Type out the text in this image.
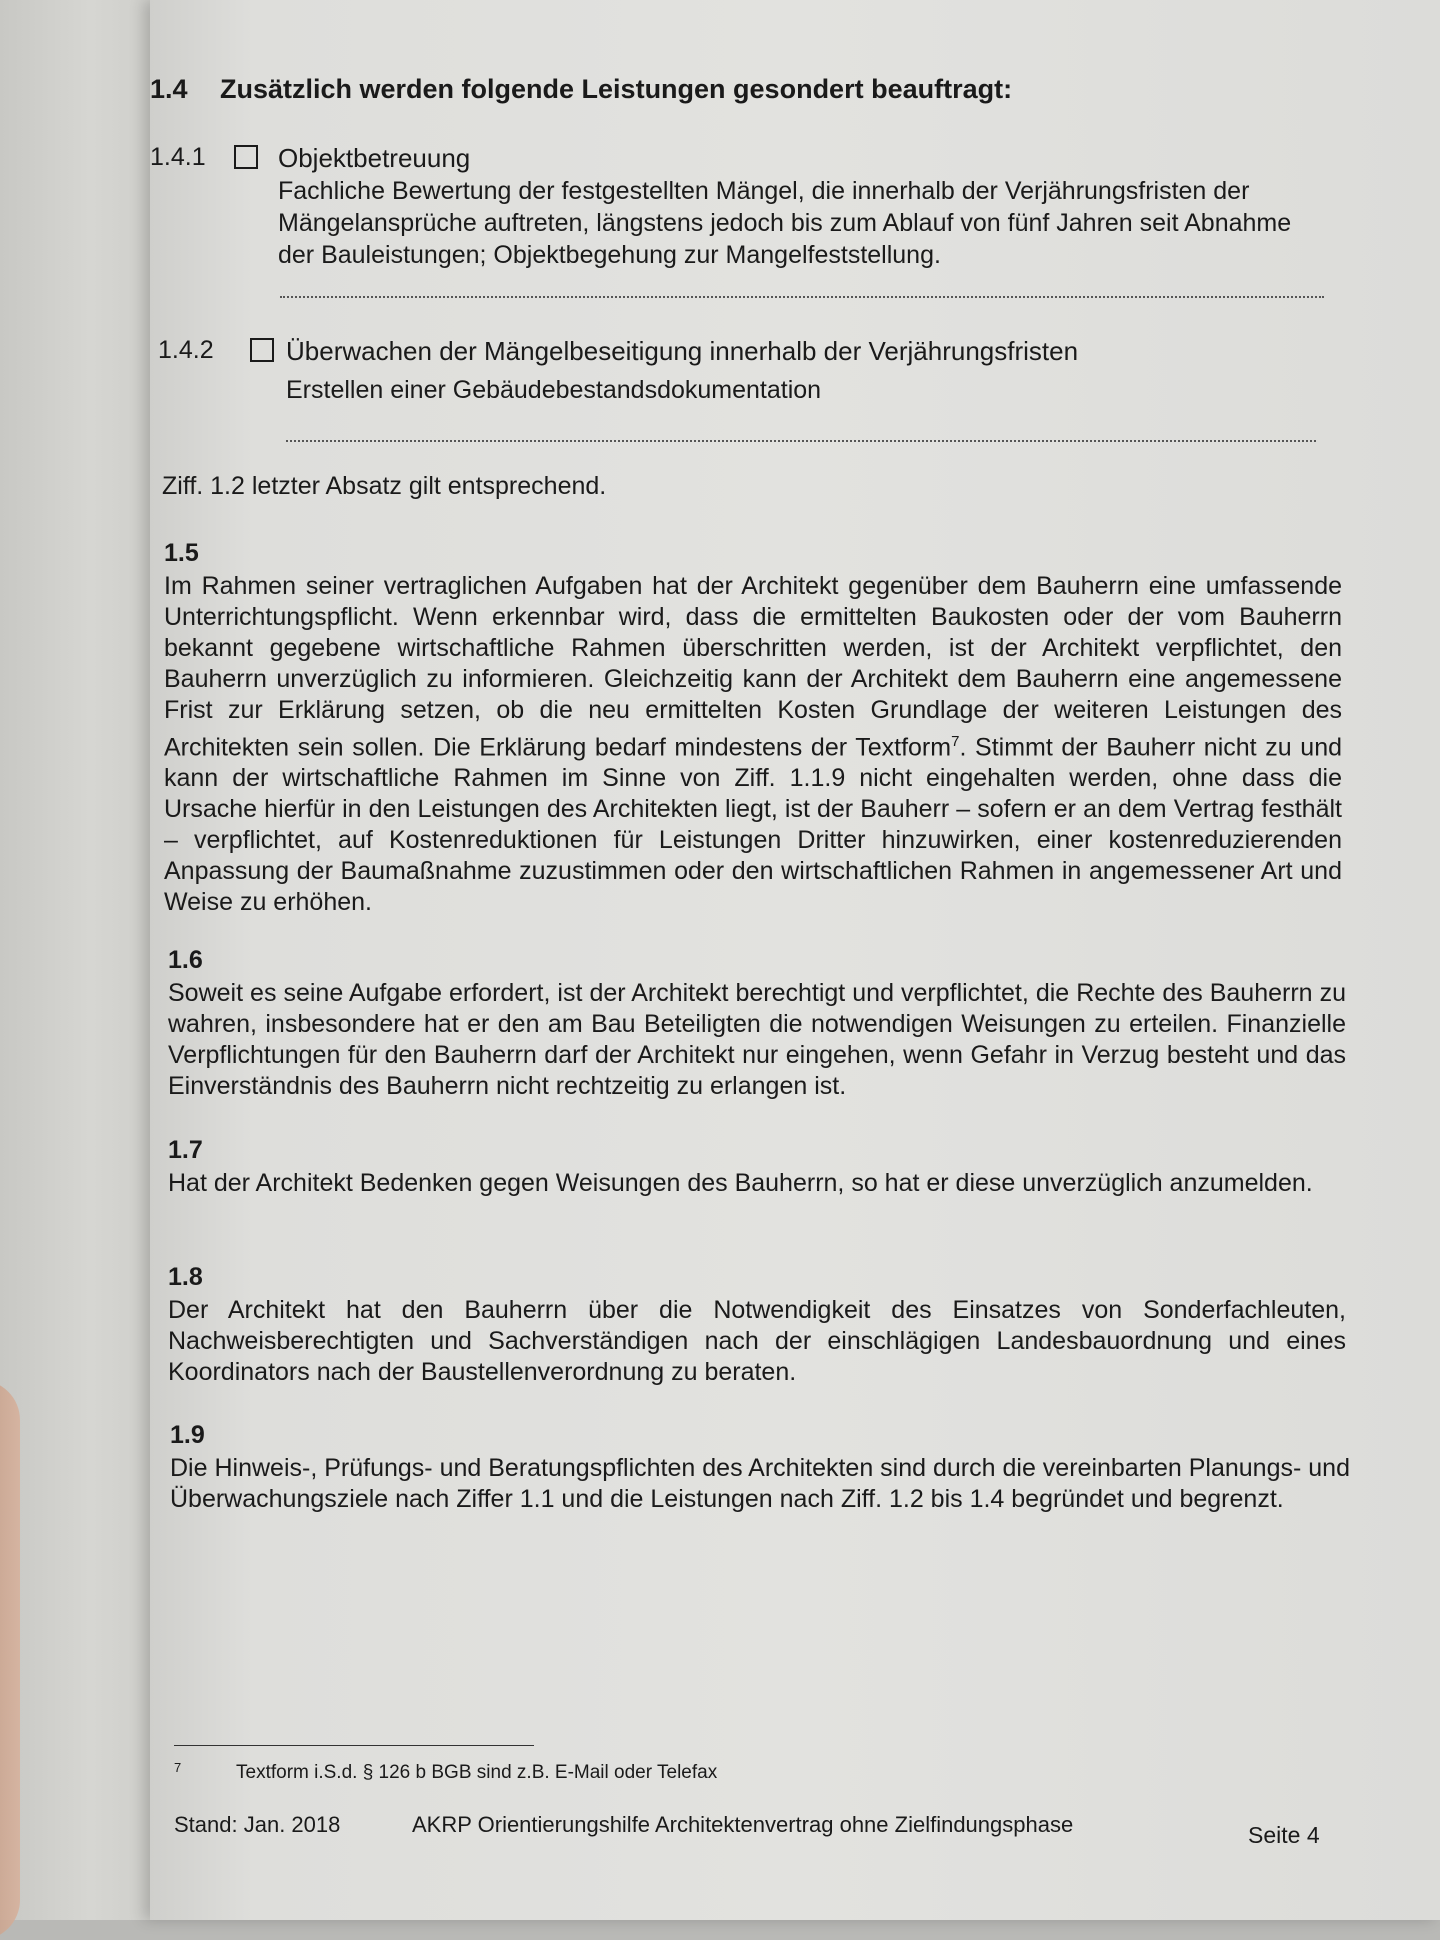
1.4	Zusätzlich werden folgende Leistungen gesondert beauftragt:
1.4.1	Objektbetreuung
Fachliche Bewertung der festgestellten Mängel, die innerhalb der Verjährungsfristen der Mängelansprüche auftreten, längstens jedoch bis zum Ablauf von fünf Jahren seit Abnahme der Bauleistungen; Objektbegehung zur Mangelfeststellung.
1.4.2	Überwachen der Mängelbeseitigung innerhalb der Verjährungsfristen
Erstellen einer Gebäudebestandsdokumentation
Ziff. 1.2 letzter Absatz gilt entsprechend.
1.5
Im Rahmen seiner vertraglichen Aufgaben hat der Architekt gegenüber dem Bauherrn eine umfassende Unterrichtungspflicht. Wenn erkennbar wird, dass die ermittelten Baukosten oder der vom Bauherrn bekannt gegebene wirtschaftliche Rahmen überschritten werden, ist der Architekt verpflichtet, den Bauherrn unverzüglich zu informieren. Gleichzeitig kann der Architekt dem Bauherrn eine angemessene Frist zur Erklärung setzen, ob die neu ermittelten Kosten Grundlage der weiteren Leistungen des Architekten sein sollen. Die Erklärung bedarf mindestens der Textform$^7$. Stimmt der Bauherr nicht zu und kann der wirtschaftliche Rahmen im Sinne von Ziff. 1.1.9 nicht eingehalten werden, ohne dass die Ursache hierfür in den Leistungen des Architekten liegt, ist der Bauherr – sofern er an dem Vertrag festhält – verpflichtet, auf Kostenreduktionen für Leistungen Dritter hinzuwirken, einer kostenreduzierenden Anpassung der Baumaßnahme zuzustimmen oder den wirtschaftlichen Rahmen in angemessener Art und Weise zu erhöhen.
1.6
Soweit es seine Aufgabe erfordert, ist der Architekt berechtigt und verpflichtet, die Rechte des Bauherrn zu wahren, insbesondere hat er den am Bau Beteiligten die notwendigen Weisungen zu erteilen. Finanzielle Verpflichtungen für den Bauherrn darf der Architekt nur eingehen, wenn Gefahr in Verzug besteht und das Einverständnis des Bauherrn nicht rechtzeitig zu erlangen ist.
1.7
Hat der Architekt Bedenken gegen Weisungen des Bauherrn, so hat er diese unverzüglich anzumelden.
1.8
Der Architekt hat den Bauherrn über die Notwendigkeit des Einsatzes von Sonderfachleuten, Nachweisberechtigten und Sachverständigen nach der einschlägigen Landesbauordnung und eines Koordinators nach der Baustellenverordnung zu beraten.
1.9
Die Hinweis-, Prüfungs- und Beratungspflichten des Architekten sind durch die vereinbarten Planungs- und Überwachungsziele nach Ziffer 1.1 und die Leistungen nach Ziff. 1.2 bis 1.4 begründet und begrenzt.
7	Textform i.S.d. § 126 b BGB sind z.B. E-Mail oder Telefax
Stand: Jan. 2018	AKRP Orientierungshilfe Architektenvertrag ohne Zielfindungsphase	Seite 4
